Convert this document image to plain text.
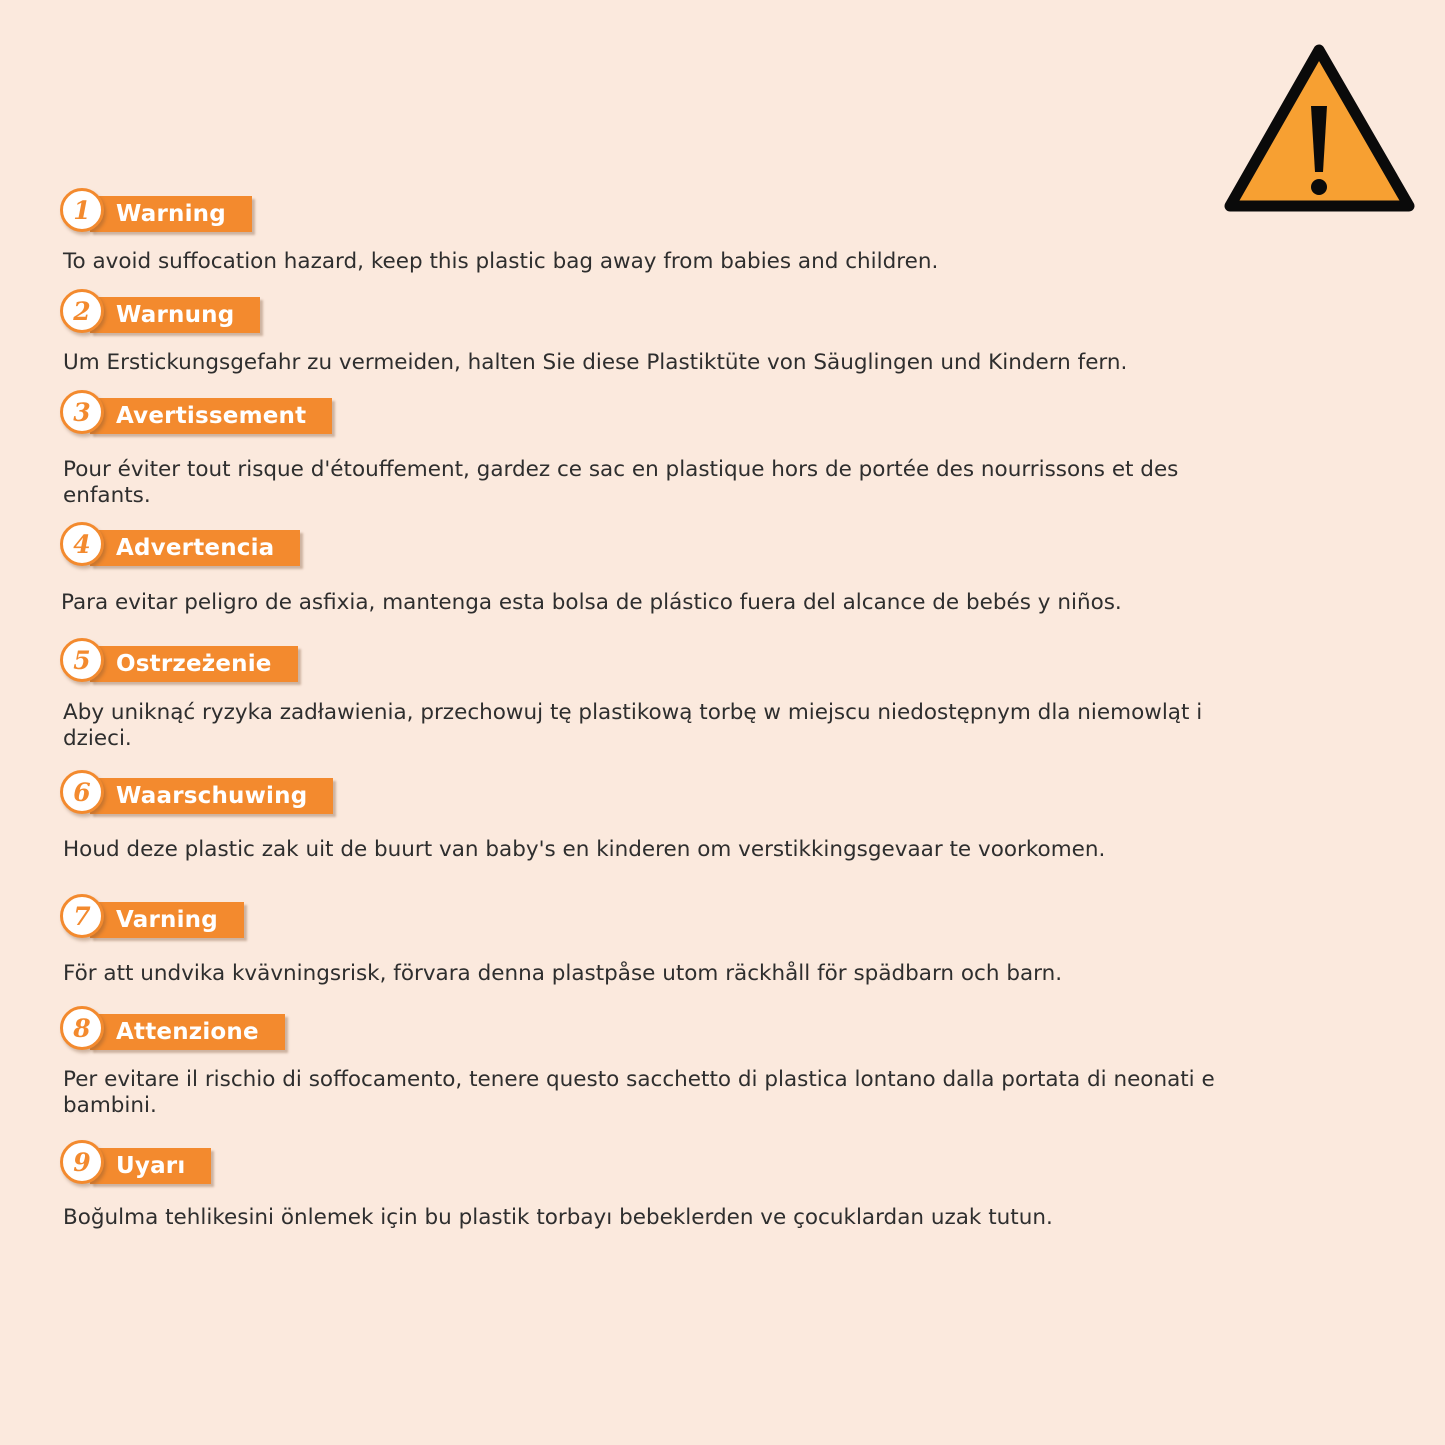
1 Warning

To avoid suffocation hazard, keep this plastic bag away from babies and children.

2 Warnung

Um Erstickungsgefahr zu vermeiden, halten Sie diese Plastiktüte von Säuglingen und Kindern fern.

3 Avertissement

Pour éviter tout risque d'étouffement, gardez ce sac en plastique hors de portée des nourrissons et des enfants.

4 Advertencia

Para evitar peligro de asfixia, mantenga esta bolsa de plástico fuera del alcance de bebés y niños.

5 Ostrzeżenie

Aby uniknąć ryzyka zadławienia, przechowuj tę plastikową torbę w miejscu niedostępnym dla niemowląt i dzieci.

6 Waarschuwing

Houd deze plastic zak uit de buurt van baby's en kinderen om verstikkingsgevaar te voorkomen.

7 Varning

För att undvika kvävningsrisk, förvara denna plastpåse utom räckhåll för spädbarn och barn.

8 Attenzione

Per evitare il rischio di soffocamento, tenere questo sacchetto di plastica lontano dalla portata di neonati e bambini.

9 Uyarı

Boğulma tehlikesini önlemek için bu plastik torbayı bebeklerden ve çocuklardan uzak tutun.
